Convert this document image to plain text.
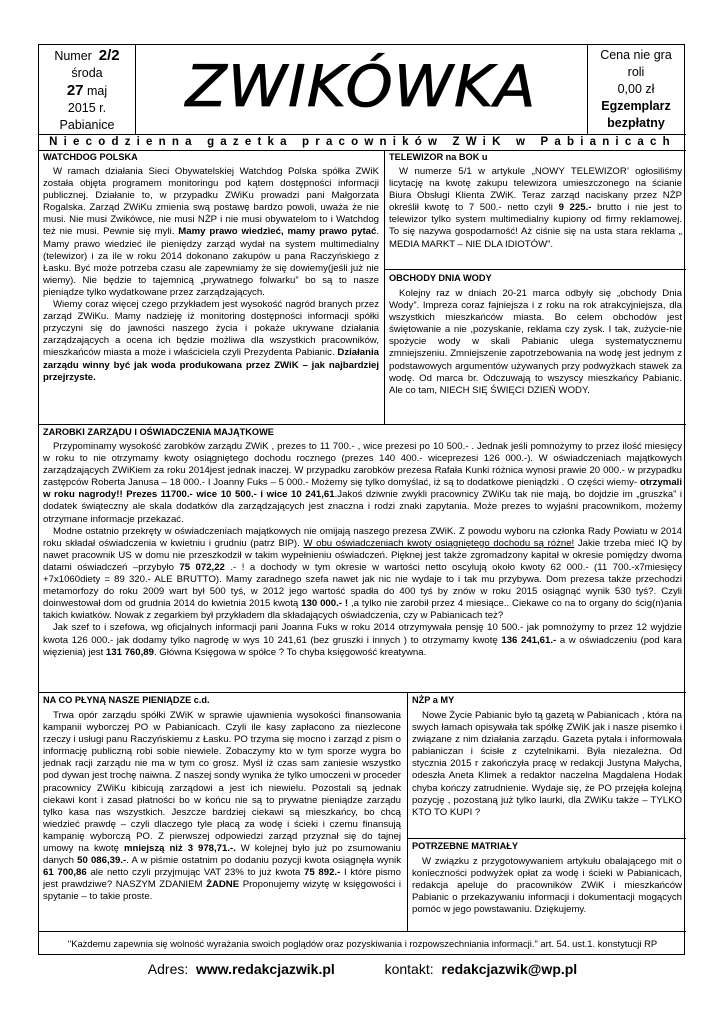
Numer 2/2
środa
27 maj
2015 r.
Pabianice
ZWIKÓWKA	Cena nie gra
roli
0,00 zł
Egzemplarz
bezpłatny
Niecodzienna gazetka pracowników ZWiK w Pabianicach
WATCHDOG POLSKA

W ramach działania Sieci Obywatelskiej Watchdog Polska spółka ZWiK została objęta programem monitoringu pod kątem dostępności informacji publicznej. Działanie to, w przypadku ZWiKu prowadzi pani Małgorzata Rogalska. Zarząd ZWiKu zmienia swą postawę bardzo powoli, uważa że nie musi. Nie musi Zwikówce, nie musi NŻP i nie musi obywatelom to i Watchdog też nie musi. Pewnie się myli. Mamy prawo wiedzieć, mamy prawo pytać. Mamy prawo wiedzieć ile pieniędzy zarząd wydał na system multimedialny (telewizor) i za ile w roku 2014 dokonano zakupów u pana Raczyńskiego z Łasku. Być może potrzeba czasu ale zapewniamy że się dowiemy(jeśli już nie wiemy). Nie będzie to tajemnicą „prywatnego folwarku” bo są to nasze pieniądze tylko wydatkowane przez zarządzających.

Wiemy coraz więcej czego przykładem jest wysokość nagród branych przez zarząd ZWiKu. Mamy nadzieję iż monitoring dostępności informacji spółki przyczyni się do jawności naszego życia i pokaże ukrywane działania zarządzających a ocena ich będzie możliwa dla wszystkich pracowników, mieszkańców miasta a może i właściciela czyli Prezydenta Pabianic. Działania zarządu winny być jak woda produkowana przez ZWiK – jak najbardziej przejrzyste.

TELEWIZOR na BOK u

W numerze 5/1 w artykule „NOWY TELEWIZOR’ ogłosiliśmy licytację na kwotę zakupu telewizora umieszczonego na ścianie Biura Obsługi Klienta ZWiK. Teraz zarząd naciskany przez NŻP określił kwotę to 7 500.- netto czyli 9 225.- brutto i nie jest to telewizor tylko system multimedialny kupiony od firmy reklamowej. To się nazywa gospodarność! Aż ciśnie się na usta stara reklama „ MEDIA MARKT – NIE DLA IDIOTÓW”.

OBCHODY DNIA WODY

Kolejny raz w dniach 20-21 marca odbyły się „obchody Dnia Wody”. Impreza coraz fajniejsza i z roku na rok atrakcyjniejsza, dla wszystkich mieszkańców miasta. Bo celem obchodów jest świętowanie a nie ,pozyskanie, reklama czy zysk. I tak, zużycie-nie spożycie wody w skali Pabianic ulega systematycznemu zmniejszeniu. Zmniejszenie zapotrzebowania na wodę jest jednym z podstawowych argumentów używanych przy podwyżkach stawek za wodę. Od marca br. Odczuwają to wszyscy mieszkańcy Pabianic. Ale co tam, NIECH SIĘ ŚWIĘCI DZIEŃ WODY.

ZAROBKI ZARZĄDU I OŚWIADCZENIA MAJĄTKOWE

Przypominamy wysokość zarobków zarządu ZWiK , prezes to 11 700.- , wice prezesi po 10 500.- . Jednak jeśli pomnożymy to przez ilość miesięcy w roku to nie otrzymamy kwoty osiągniętego dochodu rocznego (prezes 140 400.- wiceprezesi 126 000.-). W oświadczeniach majątkowych zarządzających ZWiKiem za roku 2014jest jednak inaczej. W przypadku zarobków prezesa Rafała Kunki różnica wynosi prawie 20 000.- w przypadku zastępców Roberta Janusa – 18 000.- I Joanny Fuks – 5 000.- Możemy się tylko domyślać, iż są to dodatkowe pieniądzki . O części wiemy- otrzymali w roku nagrody!! Prezes 11700.- wice 10 500.- i wice 10 241,61.Jakoś dziwnie zwykli pracownicy ZWiKu tak nie mają, bo dojdzie im „gruszka” i dodatek świąteczny ale skala dodatków dla zarządzających jest znaczna i rodzi znaki zapytania. Może prezes to wyjaśni pracownikom, możemy otrzymane informacje przekazać.

Modne ostatnio przekręty w oświadczeniach majątkowych nie omijają naszego prezesa ZWiK. Z powodu wyboru na członka Rady Powiatu w 2014 roku składał oświadczenia w kwietniu i grudniu (patrz BIP). W obu oświadczeniach kwoty osiągniętego dochodu są różne! Jakie trzeba mieć IQ by nawet pracownik US w domu nie przeszkodził w takim wypełnieniu oświadczeń. Pięknej jest także zgromadzony kapitał w okresie pomiędzy dwoma datami oświadczeń –przybyło 75 072,22 .- ! a dochody w tym okresie w wartości netto oscylują około kwoty 62 000.- (11 700.-x7miesięcy +7x1060diety = 89 320.- ALE BRUTTO). Mamy zaradnego szefa nawet jak nic nie wydaje to i tak mu przybywa. Dom prezesa także przechodzi metamorfozy do roku 2009 wart był 500 tyś, w 2012 jego wartość spadła do 400 tyś by znów w roku 2015 osiągnąć wynik 530 tyś?. Czyli doinwestował dom od grudnia 2014 do kwietnia 2015 kwotą 130 000.- ! ,a tylko nie zarobił przez 4 miesiące.. Ciekawe co na to organy do ścig(n)ania takich kwiatków. Nowak z zegarkiem był przykładem dla składających oświadczenia, czy w Pabianicach też?

Jak szef to i szefowa, wg oficjalnych informacji pani Joanna Fuks w roku 2014 otrzymywała pensję 10 500.- jak pomnożymy to przez 12 wyjdzie kwota 126 000.- jak dodamy tylko nagrodę w wys 10 241,61 (bez gruszki i innych ) to otrzymamy kwotę 136 241,61.- a w oświadczeniu (pod kara więzienia) jest 131 760,89. Główna Księgowa w spółce ? To chyba księgowość kreatywna.

NA CO PŁYNĄ NASZE PIENIĄDZE c.d.

Trwa opór zarządu spółki ZWiK w sprawie ujawnienia wysokości finansowania kampanii wyborczej PO w Pabianicach. Czyli ile kasy zapłacono za niezlecone rzeczy i usługi panu Raczyńskiemu z Łasku. PO trzyma się mocno i zarząd z pism o informację publiczną robi sobie niewiele. Zobaczymy kto w tym sporze wygra bo jednak racji zarządu nie ma w tym co grosz. Myśl iż czas sam zaniesie wszystko pod dywan jest trochę naiwna. Z naszej sondy wynika że tylko umoczeni w proceder pracownicy ZWiKu kibicują zarządowi a jest ich niewielu. Pozostali są jednak ciekawi kont i zasad płatności bo w końcu nie są to prywatne pieniądze zarządu tylko kasa nas wszystkich. Jeszcze bardziej ciekawi są mieszkańcy, bo chcą wiedzieć prawdę – czyli dlaczego tyle płacą za wodę i ścieki i czemu finansują kampanię wyborczą PO. Z pierwszej odpowiedzi zarząd przyznał się do tajnej umowy na kwotę mniejszą niż 3 978,71.-. W kolejnej było już po zsumowaniu danych 50 086,39.-. A w piśmie ostatnim po dodaniu pozycji kwota osiągnęła wynik 61 700,86 ale netto czyli przyjmując VAT 23% to już kwota 75 892.- I które pismo jest prawdziwe? NASZYM ZDANIEM ŻADNE Proponujemy wizytę w księgowości i spytanie – to takie proste.

NŻP a MY

Nowe Życie Pabianic było tą gazetą w Pabianicach , która na swych łamach opisywała tak spółkę ZWiK jak i nasze pisemko i związane z nim działania zarządu. Gazeta pytała i informowała pabianiczan i ścisłe z czytelnikami. Była niezależna. Od stycznia 2015 r zakończyła pracę w redakcji Justyna Małycha, odeszła Aneta Klimek a redaktor naczelna Magdalena Hodak chyba kończy zatrudnienie. Wydaje się, że PO przejęła kolejną pozycję , pozostaną już tylko laurki, dla ZWiKu także – TYLKO KTO TO KUPI ?

POTRZEBNE MATRIAŁY

W związku z przygotowywaniem artykułu obalającego mit o konieczności podwyżek opłat za wodę i ścieki w Pabianicach, redakcja apeluje do pracowników ZWiK i mieszkańców Pabianic o przekazywaniu informacji i dokumentacji mogących pomóc w jego powstawaniu. Dziękujemy.

"Każdemu zapewnia się wolność wyrażania swoich poglądów oraz pozyskiwania i rozpowszechniania informacji." art. 54. ust.1. konstytucji RP
Adres: www.redakcjazwik.pl	kontakt: redakcjazwik@wp.pl
